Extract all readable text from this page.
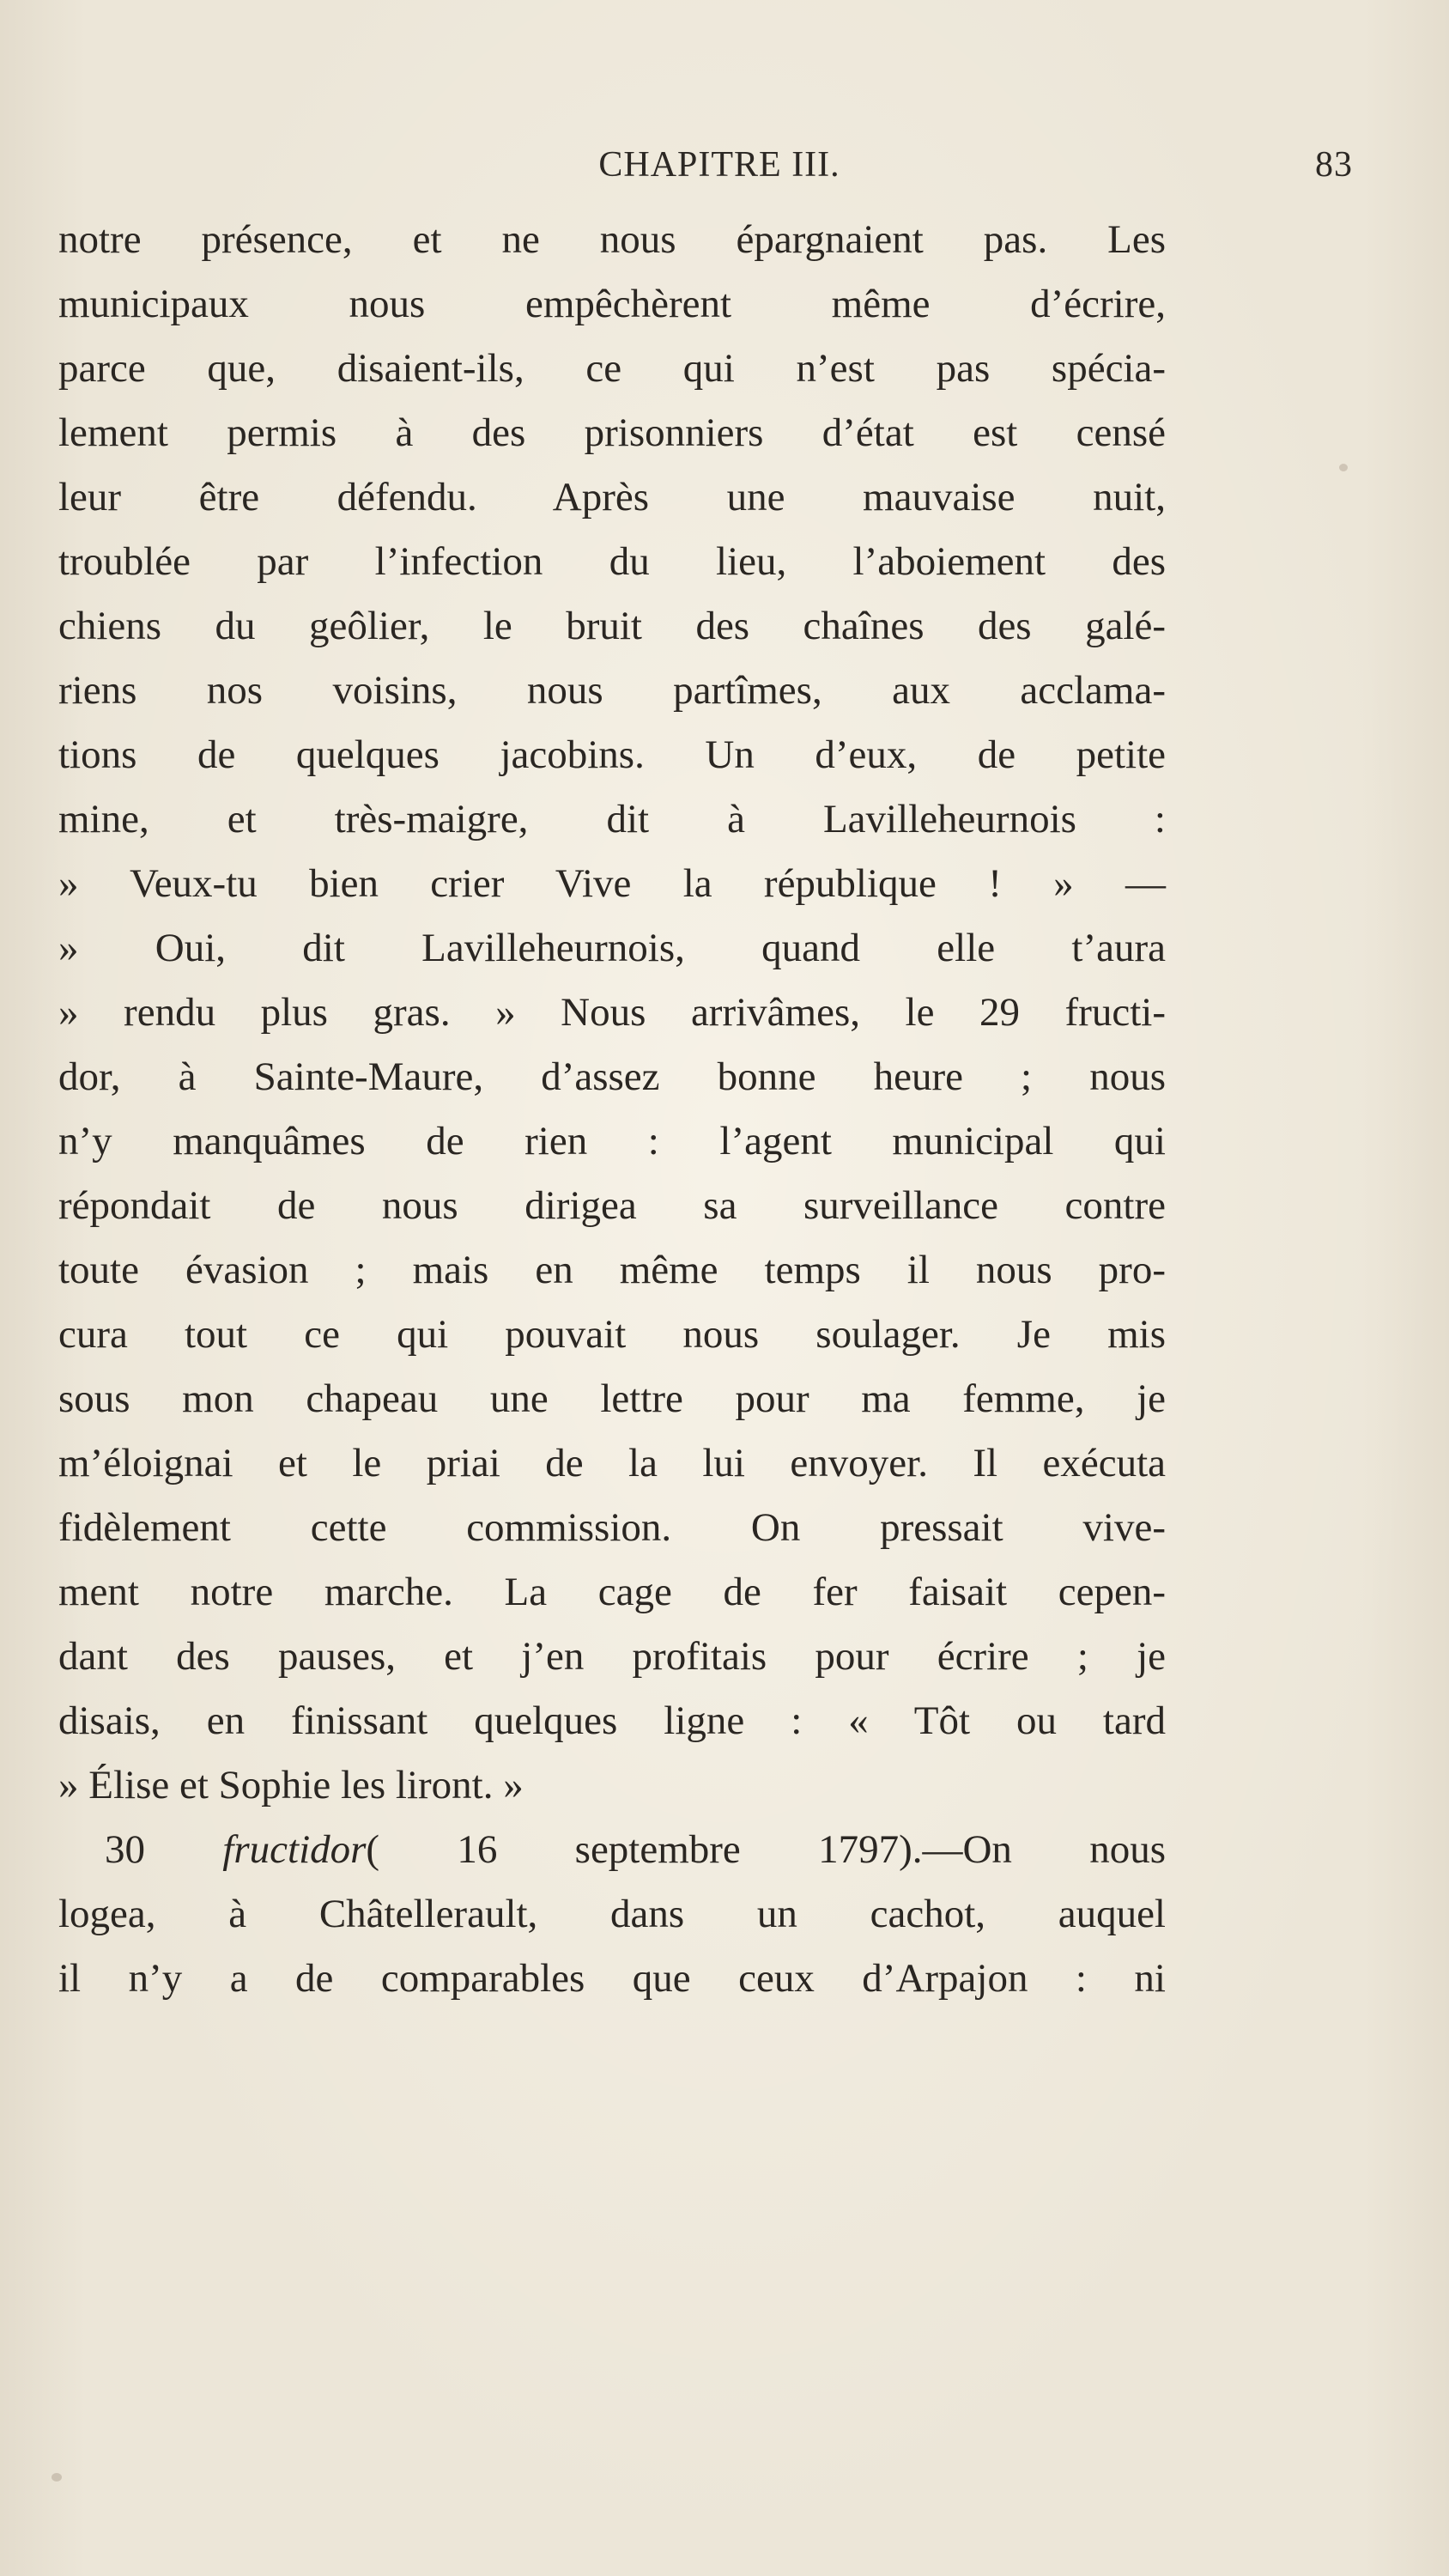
CHAPITRE III.	83
notre présence, et ne nous épargnaient pas. Les
municipaux nous empêchèrent même d’écrire,
parce que, disaient-ils, ce qui n’est pas spécia-
lement permis à des prisonniers d’état est censé
leur être défendu. Après une mauvaise nuit,
troublée par l’infection du lieu, l’aboiement des
chiens du geôlier, le bruit des chaînes des galé-
riens nos voisins, nous partîmes, aux acclama-
tions de quelques jacobins. Un d’eux, de petite
mine, et très-maigre, dit à Lavilleheurnois :
» Veux-tu bien crier Vive la république ! » —
» Oui, dit Lavilleheurnois, quand elle t’aura
» rendu plus gras. » Nous arrivâmes, le 29 fructi-
dor, à Sainte-Maure, d’assez bonne heure ; nous
n’y manquâmes de rien : l’agent municipal qui
répondait de nous dirigea sa surveillance contre
toute évasion ; mais en même temps il nous pro-
cura tout ce qui pouvait nous soulager. Je mis
sous mon chapeau une lettre pour ma femme, je
m’éloignai et le priai de la lui envoyer. Il exécuta
fidèlement cette commission. On pressait vive-
ment notre marche. La cage de fer faisait cepen-
dant des pauses, et j’en profitais pour écrire ; je
disais, en finissant quelques ligne : « Tôt ou tard
» Élise et Sophie les liront. »
30 fructidor( 16 septembre 1797).—On nous
logea, à Châtellerault, dans un cachot, auquel
il n’y a de comparables que ceux d’Arpajon : ni
